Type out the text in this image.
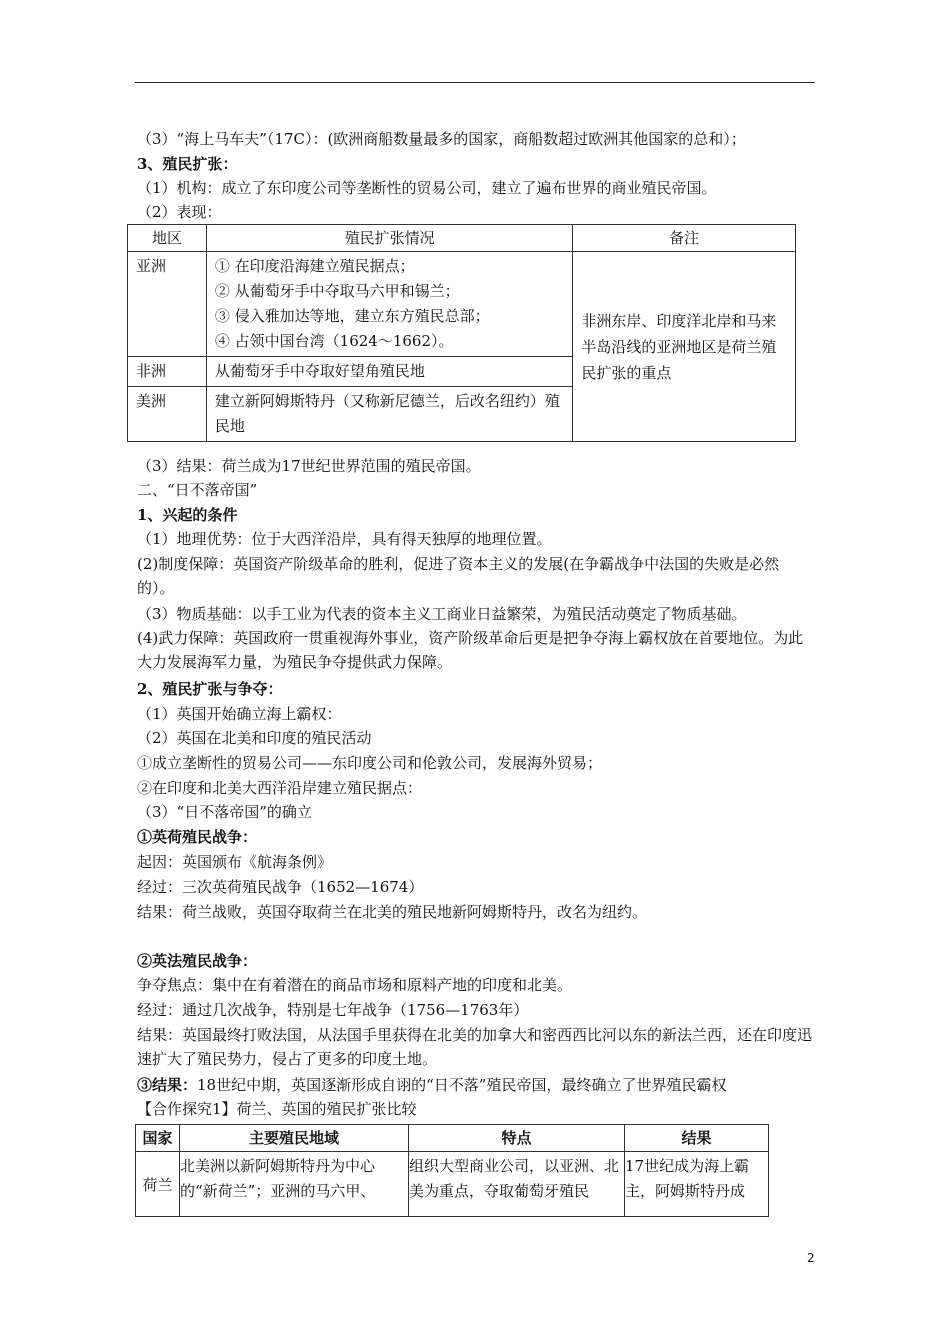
（3）“海上马车夫”（17C）：(欧洲商船数量最多的国家，商船数超过欧洲其他国家的总和）；
3、殖民扩张：
（1）机构：成立了东印度公司等垄断性的贸易公司，建立了遍布世界的商业殖民帝国。
（2）表现：
地区	殖民扩张情况	备注
亚洲	① 在印度沿海建立殖民据点；
② 从葡萄牙手中夺取马六甲和锡兰；
③ 侵入雅加达等地，建立东方殖民总部；
④ 占领中国台湾（1624～1662）。	非洲东岸、印度洋北岸和马来半岛沿线的亚洲地区是荷兰殖民扩张的重点
非洲	从葡萄牙手中夺取好望角殖民地	
美洲	建立新阿姆斯特丹（又称新尼德兰，后改名纽约）殖民地	
（3）结果：荷兰成为17世纪世界范围的殖民帝国。
二、“日不落帝国”
1、兴起的条件
（1）地理优势：位于大西洋沿岸，具有得天独厚的地理位置。
(2)制度保障：英国资产阶级革命的胜利，促进了资本主义的发展(在争霸战争中法国的失败是必然的）。
（3）物质基础：以手工业为代表的资本主义工商业日益繁荣，为殖民活动奠定了物质基础。
(4)武力保障：英国政府一贯重视海外事业，资产阶级革命后更是把争夺海上霸权放在首要地位。为此大力发展海军力量，为殖民争夺提供武力保障。
2、殖民扩张与争夺：
（1）英国开始确立海上霸权：
（2）英国在北美和印度的殖民活动
①成立垄断性的贸易公司——东印度公司和伦敦公司，发展海外贸易；
②在印度和北美大西洋沿岸建立殖民据点：
（3）“日不落帝国”的确立
①英荷殖民战争：
起因：英国颁布《航海条例》
经过：三次英荷殖民战争（1652—1674）
结果：荷兰战败，英国夺取荷兰在北美的殖民地新阿姆斯特丹，改名为纽约。
②英法殖民战争：
争夺焦点：集中在有着潜在的商品市场和原料产地的印度和北美。
经过：通过几次战争，特别是七年战争（1756—1763年）
结果：英国最终打败法国，从法国手里获得在北美的加拿大和密西西比河以东的新法兰西，还在印度迅速扩大了殖民势力，侵占了更多的印度土地。
③结果：18世纪中期，英国逐渐形成自诩的“日不落”殖民帝国，最终确立了世界殖民霸权
【合作探究1】荷兰、英国的殖民扩张比较
国家	主要殖民地域	特点	结果
荷兰	北美洲以新阿姆斯特丹为中心的“新荷兰”；亚洲的马六甲、	组织大型商业公司，以亚洲、北美为重点，夺取葡萄牙殖民	17世纪成为海上霸主，阿姆斯特丹成
2
